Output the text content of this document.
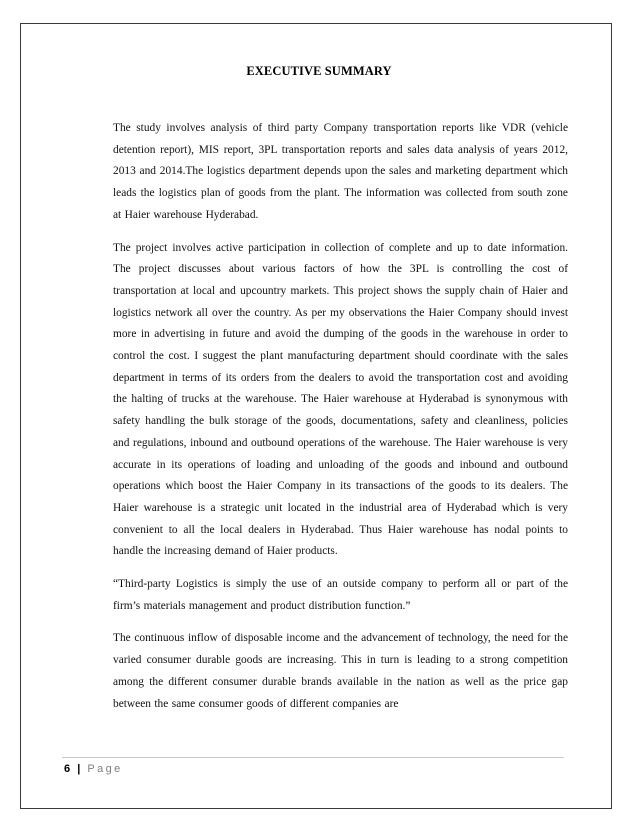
EXECUTIVE SUMMARY

The study involves analysis of third party Company transportation reports like VDR (vehicle detention report), MIS report, 3PL transportation reports and sales data analysis of years 2012, 2013 and 2014.The logistics department depends upon the sales and marketing department which leads the logistics plan of goods from the plant. The information was collected from south zone at Haier warehouse Hyderabad.

The project involves active participation in collection of complete and up to date information. The project discusses about various factors of how the 3PL is controlling the cost of transportation at local and upcountry markets. This project shows the supply chain of Haier and logistics network all over the country. As per my observations the Haier Company should invest more in advertising in future and avoid the dumping of the goods in the warehouse in order to control the cost. I suggest the plant manufacturing department should coordinate with the sales department in terms of its orders from the dealers to avoid the transportation cost and avoiding the halting of trucks at the warehouse. The Haier warehouse at Hyderabad is synonymous with safety handling the bulk storage of the goods, documentations, safety and cleanliness, policies and regulations, inbound and outbound operations of the warehouse. The Haier warehouse is very accurate in its operations of loading and unloading of the goods and inbound and outbound operations which boost the Haier Company in its transactions of the goods to its dealers. The Haier warehouse is a strategic unit located in the industrial area of Hyderabad which is very convenient to all the local dealers in Hyderabad. Thus Haier warehouse has nodal points to handle the increasing demand of Haier products.

“Third-party Logistics is simply the use of an outside company to perform all or part of the firm’s materials management and product distribution function.”

The continuous inflow of disposable income and the advancement of technology, the need for the varied consumer durable goods are increasing. This in turn is leading to a strong competition among the different consumer durable brands available in the nation as well as the price gap between the same consumer goods of different companies are

6 | Page
